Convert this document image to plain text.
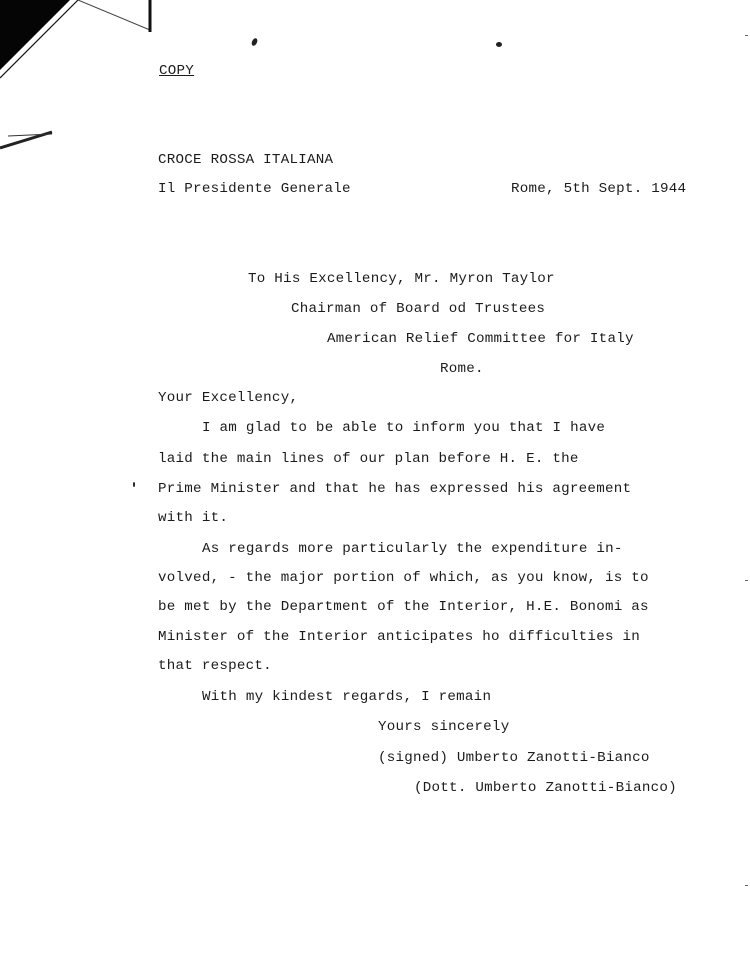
COPY
CROCE ROSSA ITALIANA
Il Presidente Generale	Rome, 5th Sept. 1944
To His Excellency, Mr. Myron Taylor
Chairman of Board od Trustees
American Relief Committee for Italy
Rome.
Your Excellency,
I am glad to be able to inform you that I have
laid the main lines of our plan before H. E. the
Prime Minister and that he has expressed his agreement
with it.
As regards more particularly the expenditure in-
volved, - the major portion of which, as you know, is to
be met by the Department of the Interior, H.E. Bonomi as
Minister of the Interior anticipates ho difficulties in
that respect.
With my kindest regards, I remain
Yours sincerely
(signed) Umberto Zanotti-Bianco
(Dott. Umberto Zanotti-Bianco)
